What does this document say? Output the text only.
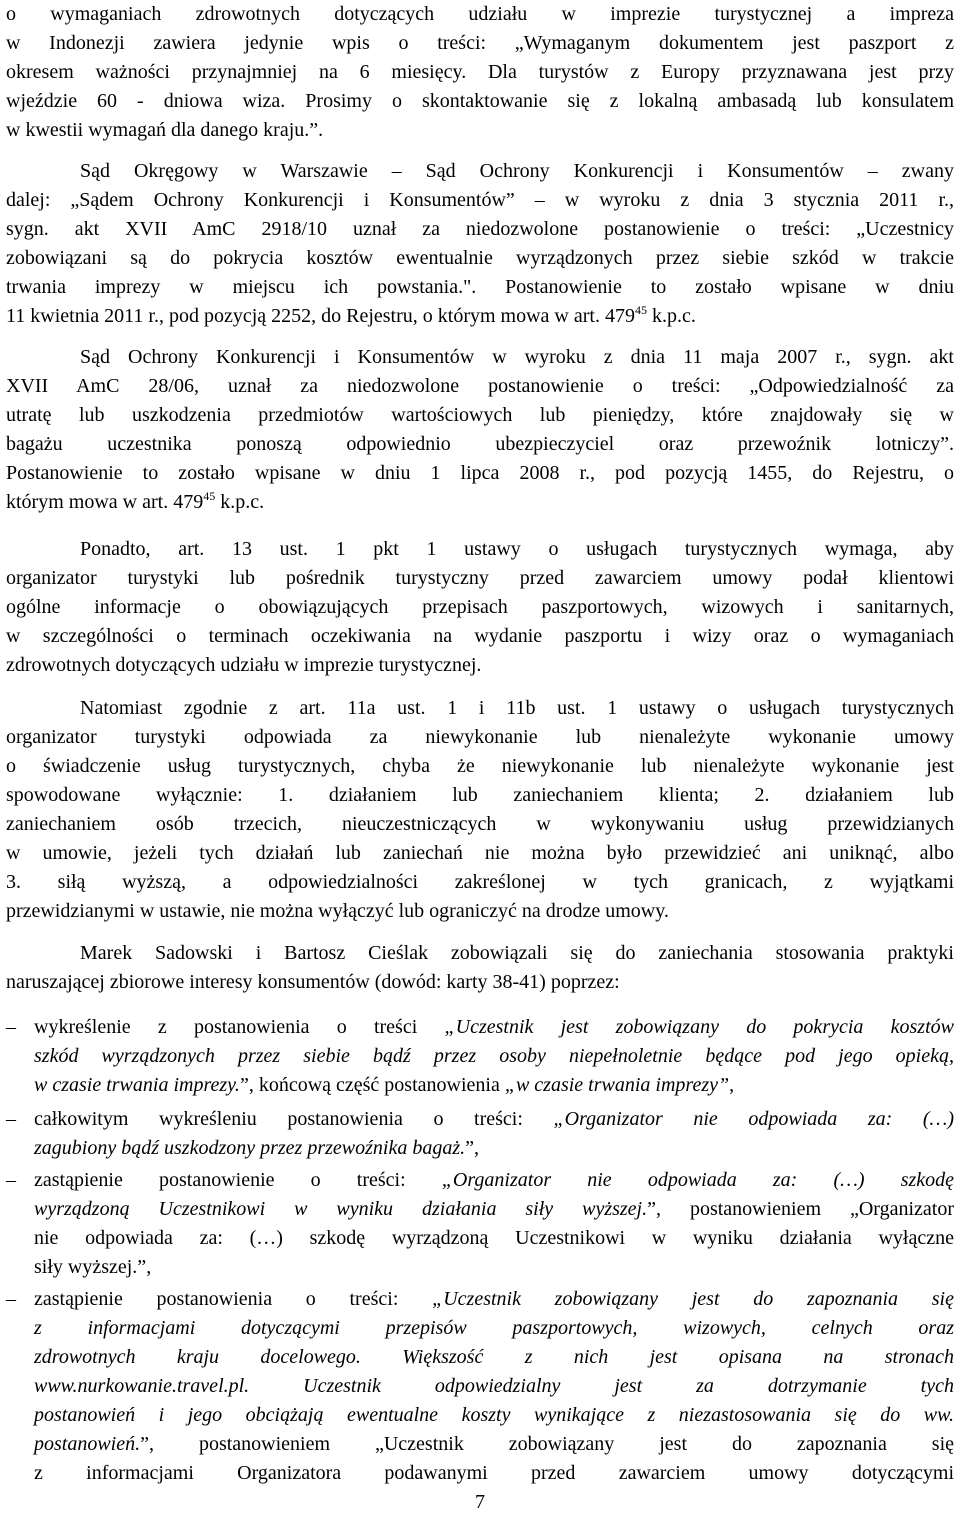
o wymaganiach zdrowotnych dotyczących udziału w imprezie turystycznej a impreza
w Indonezji zawiera jedynie wpis o treści: „Wymaganym dokumentem jest paszport z
okresem ważności przynajmniej na 6 miesięcy. Dla turystów z Europy przyznawana jest przy
wjeździe 60 - dniowa wiza. Prosimy o skontaktowanie się z lokalną ambasadą lub konsulatem
w kwestii wymagań dla danego kraju.”.
Sąd Okręgowy w Warszawie – Sąd Ochrony Konkurencji i Konsumentów – zwany
dalej: „Sądem Ochrony Konkurencji i Konsumentów” – w wyroku z dnia 3 stycznia 2011 r.,
sygn. akt XVII AmC 2918/10 uznał za niedozwolone postanowienie o treści: „Uczestnicy
zobowiązani są do pokrycia kosztów ewentualnie wyrządzonych przez siebie szkód w trakcie
trwania imprezy w miejscu ich powstania.". Postanowienie to zostało wpisane w dniu
11 kwietnia 2011 r., pod pozycją 2252, do Rejestru, o którym mowa w art. $479^{45}$ k.p.c.
Sąd Ochrony Konkurencji i Konsumentów w wyroku z dnia 11 maja 2007 r., sygn. akt
XVII AmC 28/06, uznał za niedozwolone postanowienie o treści: „Odpowiedzialność za
utratę lub uszkodzenia przedmiotów wartościowych lub pieniędzy, które znajdowały się w
bagażu uczestnika ponoszą odpowiednio ubezpieczyciel oraz przewoźnik lotniczy”.
Postanowienie to zostało wpisane w dniu 1 lipca 2008 r., pod pozycją 1455, do Rejestru, o
którym mowa w art. $479^{45}$ k.p.c.
Ponadto, art. 13 ust. 1 pkt 1 ustawy o usługach turystycznych wymaga, aby
organizator turystyki lub pośrednik turystyczny przed zawarciem umowy podał klientowi
ogólne informacje o obowiązujących przepisach paszportowych, wizowych i sanitarnych,
w szczególności o terminach oczekiwania na wydanie paszportu i wizy oraz o wymaganiach
zdrowotnych dotyczących udziału w imprezie turystycznej.
Natomiast zgodnie z art. 11a ust. 1 i 11b ust. 1 ustawy o usługach turystycznych
organizator turystyki odpowiada za niewykonanie lub nienależyte wykonanie umowy
o świadczenie usług turystycznych, chyba że niewykonanie lub nienależyte wykonanie jest
spowodowane wyłącznie: 1. działaniem lub zaniechaniem klienta; 2. działaniem lub
zaniechaniem osób trzecich, nieuczestniczących w wykonywaniu usług przewidzianych
w umowie, jeżeli tych działań lub zaniechań nie można było przewidzieć ani uniknąć, albo
3. siłą wyższą, a odpowiedzialności zakreślonej w tych granicach, z wyjątkami
przewidzianymi w ustawie, nie można wyłączyć lub ograniczyć na drodze umowy.
Marek Sadowski i Bartosz Cieślak zobowiązali się do zaniechania stosowania praktyki
naruszającej zbiorowe interesy konsumentów (dowód: karty 38-41) poprzez:
– wykreślenie z postanowienia o treści „Uczestnik jest zobowiązany do pokrycia kosztów
szkód wyrządzonych przez siebie bądź przez osoby niepełnoletnie będące pod jego opieką,
w czasie trwania imprezy.”, końcową część postanowienia „w czasie trwania imprezy”,
– całkowitym wykreśleniu postanowienia o treści: „Organizator nie odpowiada za: (…)
zagubiony bądź uszkodzony przez przewoźnika bagaż.”,
– zastąpienie postanowienie o treści: „Organizator nie odpowiada za: (…) szkodę
wyrządzoną Uczestnikowi w wyniku działania siły wyższej.”, postanowieniem „Organizator
nie odpowiada za: (…) szkodę wyrządzoną Uczestnikowi w wyniku działania wyłączne
siły wyższej.”,
– zastąpienie postanowienia o treści: „Uczestnik zobowiązany jest do zapoznania się
z informacjami dotyczącymi przepisów paszportowych, wizowych, celnych oraz
zdrowotnych kraju docelowego. Większość z nich jest opisana na stronach
www.nurkowanie.travel.pl. Uczestnik odpowiedzialny jest za dotrzymanie tych
postanowień i jego obciążają ewentualne koszty wynikające z niezastosowania się do ww.
postanowień.”, postanowieniem „Uczestnik zobowiązany jest do zapoznania się
z informacjami Organizatora podawanymi przed zawarciem umowy dotyczącymi
7
